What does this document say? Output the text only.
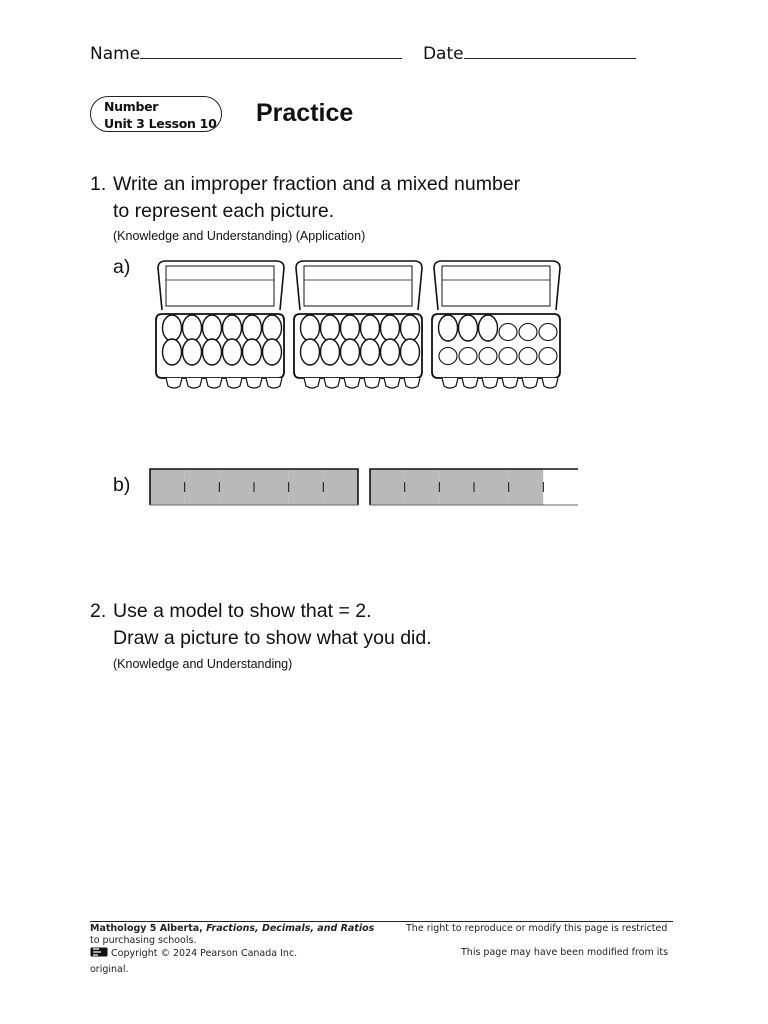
Name	Date
Number
Unit 3 Lesson 10 Practice
1. Write an improper fraction and a mixed number
to represent each picture.
(Knowledge and Understanding) (Application)
a)
b)
2. Use a model to show that = 2.
Draw a picture to show what you did.
(Knowledge and Understanding)
Mathology 5 Alberta, Fractions, Decimals, and Ratios	The right to reproduce or modify this page is restricted
to purchasing schools.
Copyright © 2024 Pearson Canada Inc.	This page may have been modified from its
original.
